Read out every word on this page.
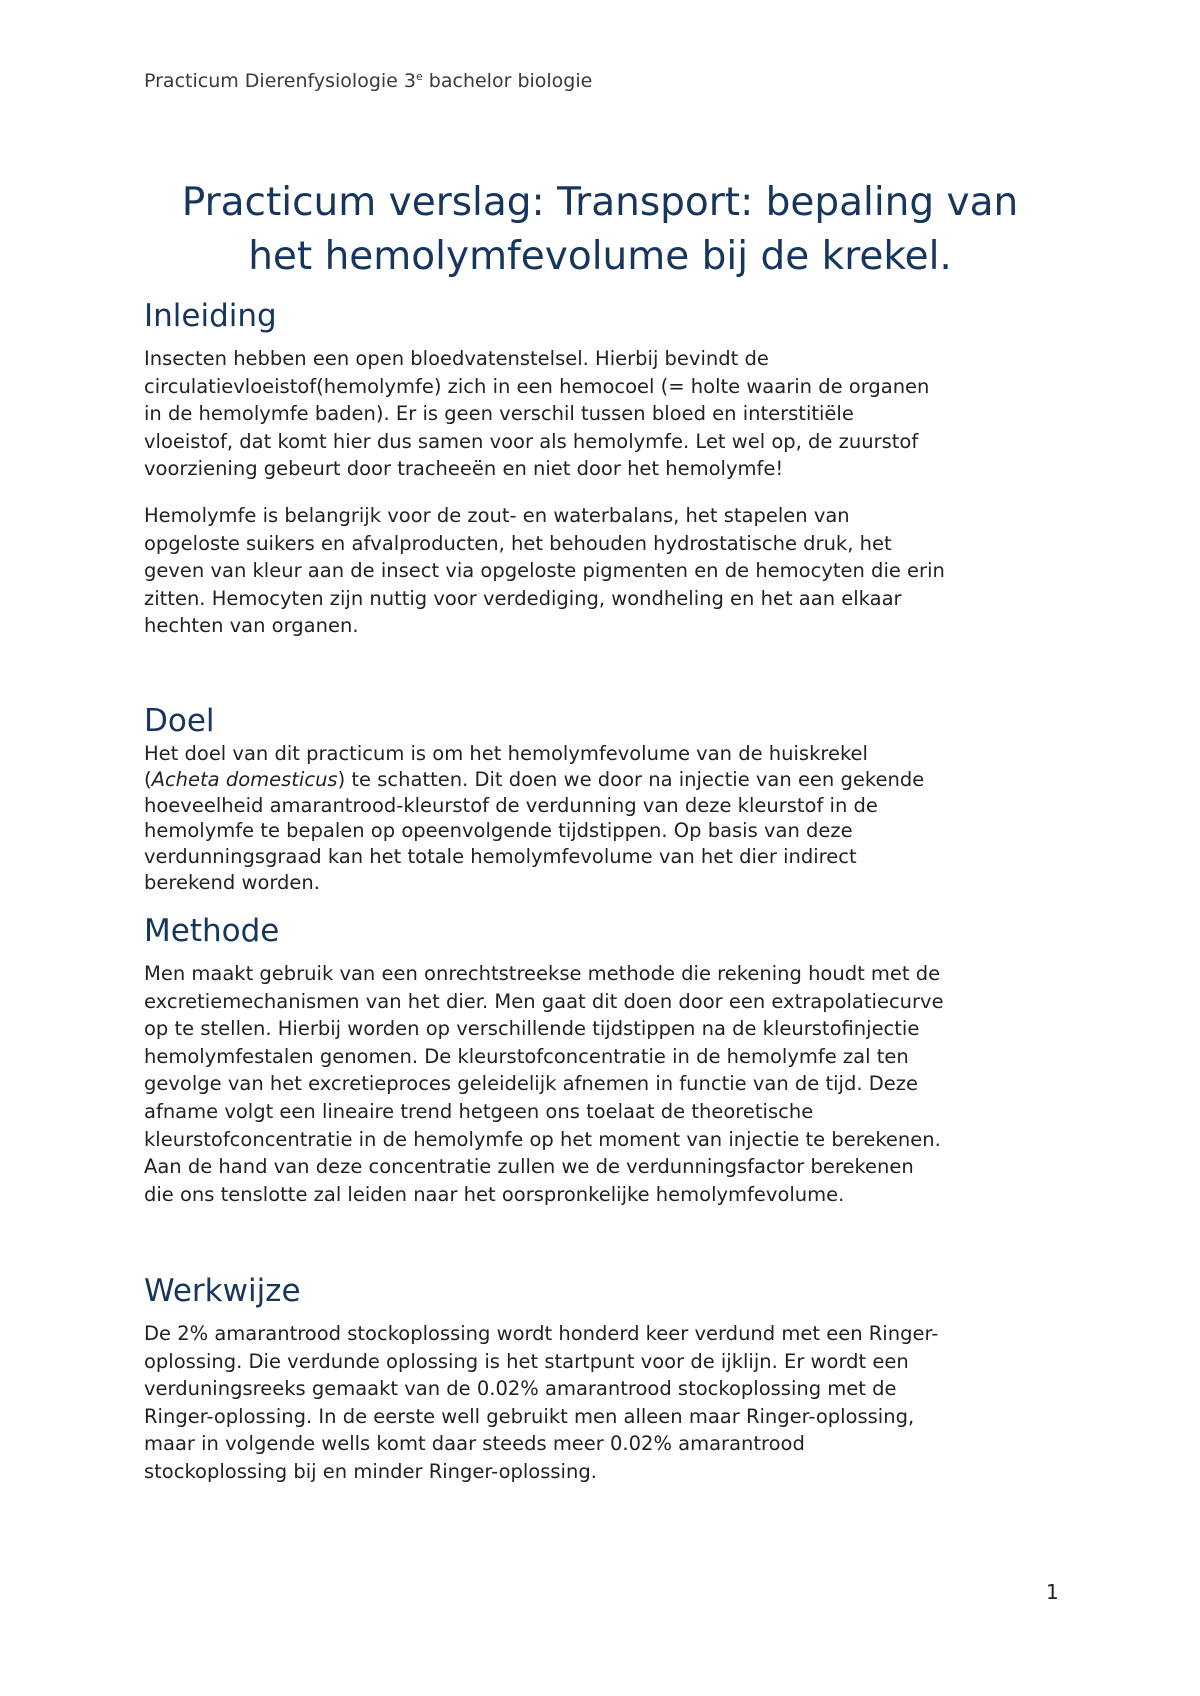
Practicum Dierenfysiologie 3e bachelor biologie
Practicum verslag: Transport: bepaling van
het hemolymfevolume bij de krekel.
Inleiding

Insecten hebben een open bloedvatenstelsel. Hierbij bevindt de
circulatievloeistof(hemolymfe) zich in een hemocoel (= holte waarin de organen
in de hemolymfe baden). Er is geen verschil tussen bloed en interstitiële
vloeistof, dat komt hier dus samen voor als hemolymfe. Let wel op, de zuurstof
voorziening gebeurt door tracheeën en niet door het hemolymfe!

Hemolymfe is belangrijk voor de zout- en waterbalans, het stapelen van
opgeloste suikers en afvalproducten, het behouden hydrostatische druk, het
geven van kleur aan de insect via opgeloste pigmenten en de hemocyten die erin
zitten. Hemocyten zijn nuttig voor verdediging, wondheling en het aan elkaar
hechten van organen.

Doel

Het doel van dit practicum is om het hemolymfevolume van de huiskrekel
(Acheta domesticus) te schatten. Dit doen we door na injectie van een gekende
hoeveelheid amarantrood-kleurstof de verdunning van deze kleurstof in de
hemolymfe te bepalen op opeenvolgende tijdstippen. Op basis van deze
verdunningsgraad kan het totale hemolymfevolume van het dier indirect
berekend worden.

Methode

Men maakt gebruik van een onrechtstreekse methode die rekening houdt met de
excretiemechanismen van het dier. Men gaat dit doen door een extrapolatiecurve
op te stellen. Hierbij worden op verschillende tijdstippen na de kleurstofinjectie
hemolymfestalen genomen. De kleurstofconcentratie in de hemolymfe zal ten
gevolge van het excretieproces geleidelijk afnemen in functie van de tijd. Deze
afname volgt een lineaire trend hetgeen ons toelaat de theoretische
kleurstofconcentratie in de hemolymfe op het moment van injectie te berekenen.
Aan de hand van deze concentratie zullen we de verdunningsfactor berekenen
die ons tenslotte zal leiden naar het oorspronkelijke hemolymfevolume.

Werkwijze

De 2% amarantrood stockoplossing wordt honderd keer verdund met een Ringer-
oplossing. Die verdunde oplossing is het startpunt voor de ijklijn. Er wordt een
verduningsreeks gemaakt van de 0.02% amarantrood stockoplossing met de
Ringer-oplossing. In de eerste well gebruikt men alleen maar Ringer-oplossing,
maar in volgende wells komt daar steeds meer 0.02% amarantrood
stockoplossing bij en minder Ringer-oplossing.

1
